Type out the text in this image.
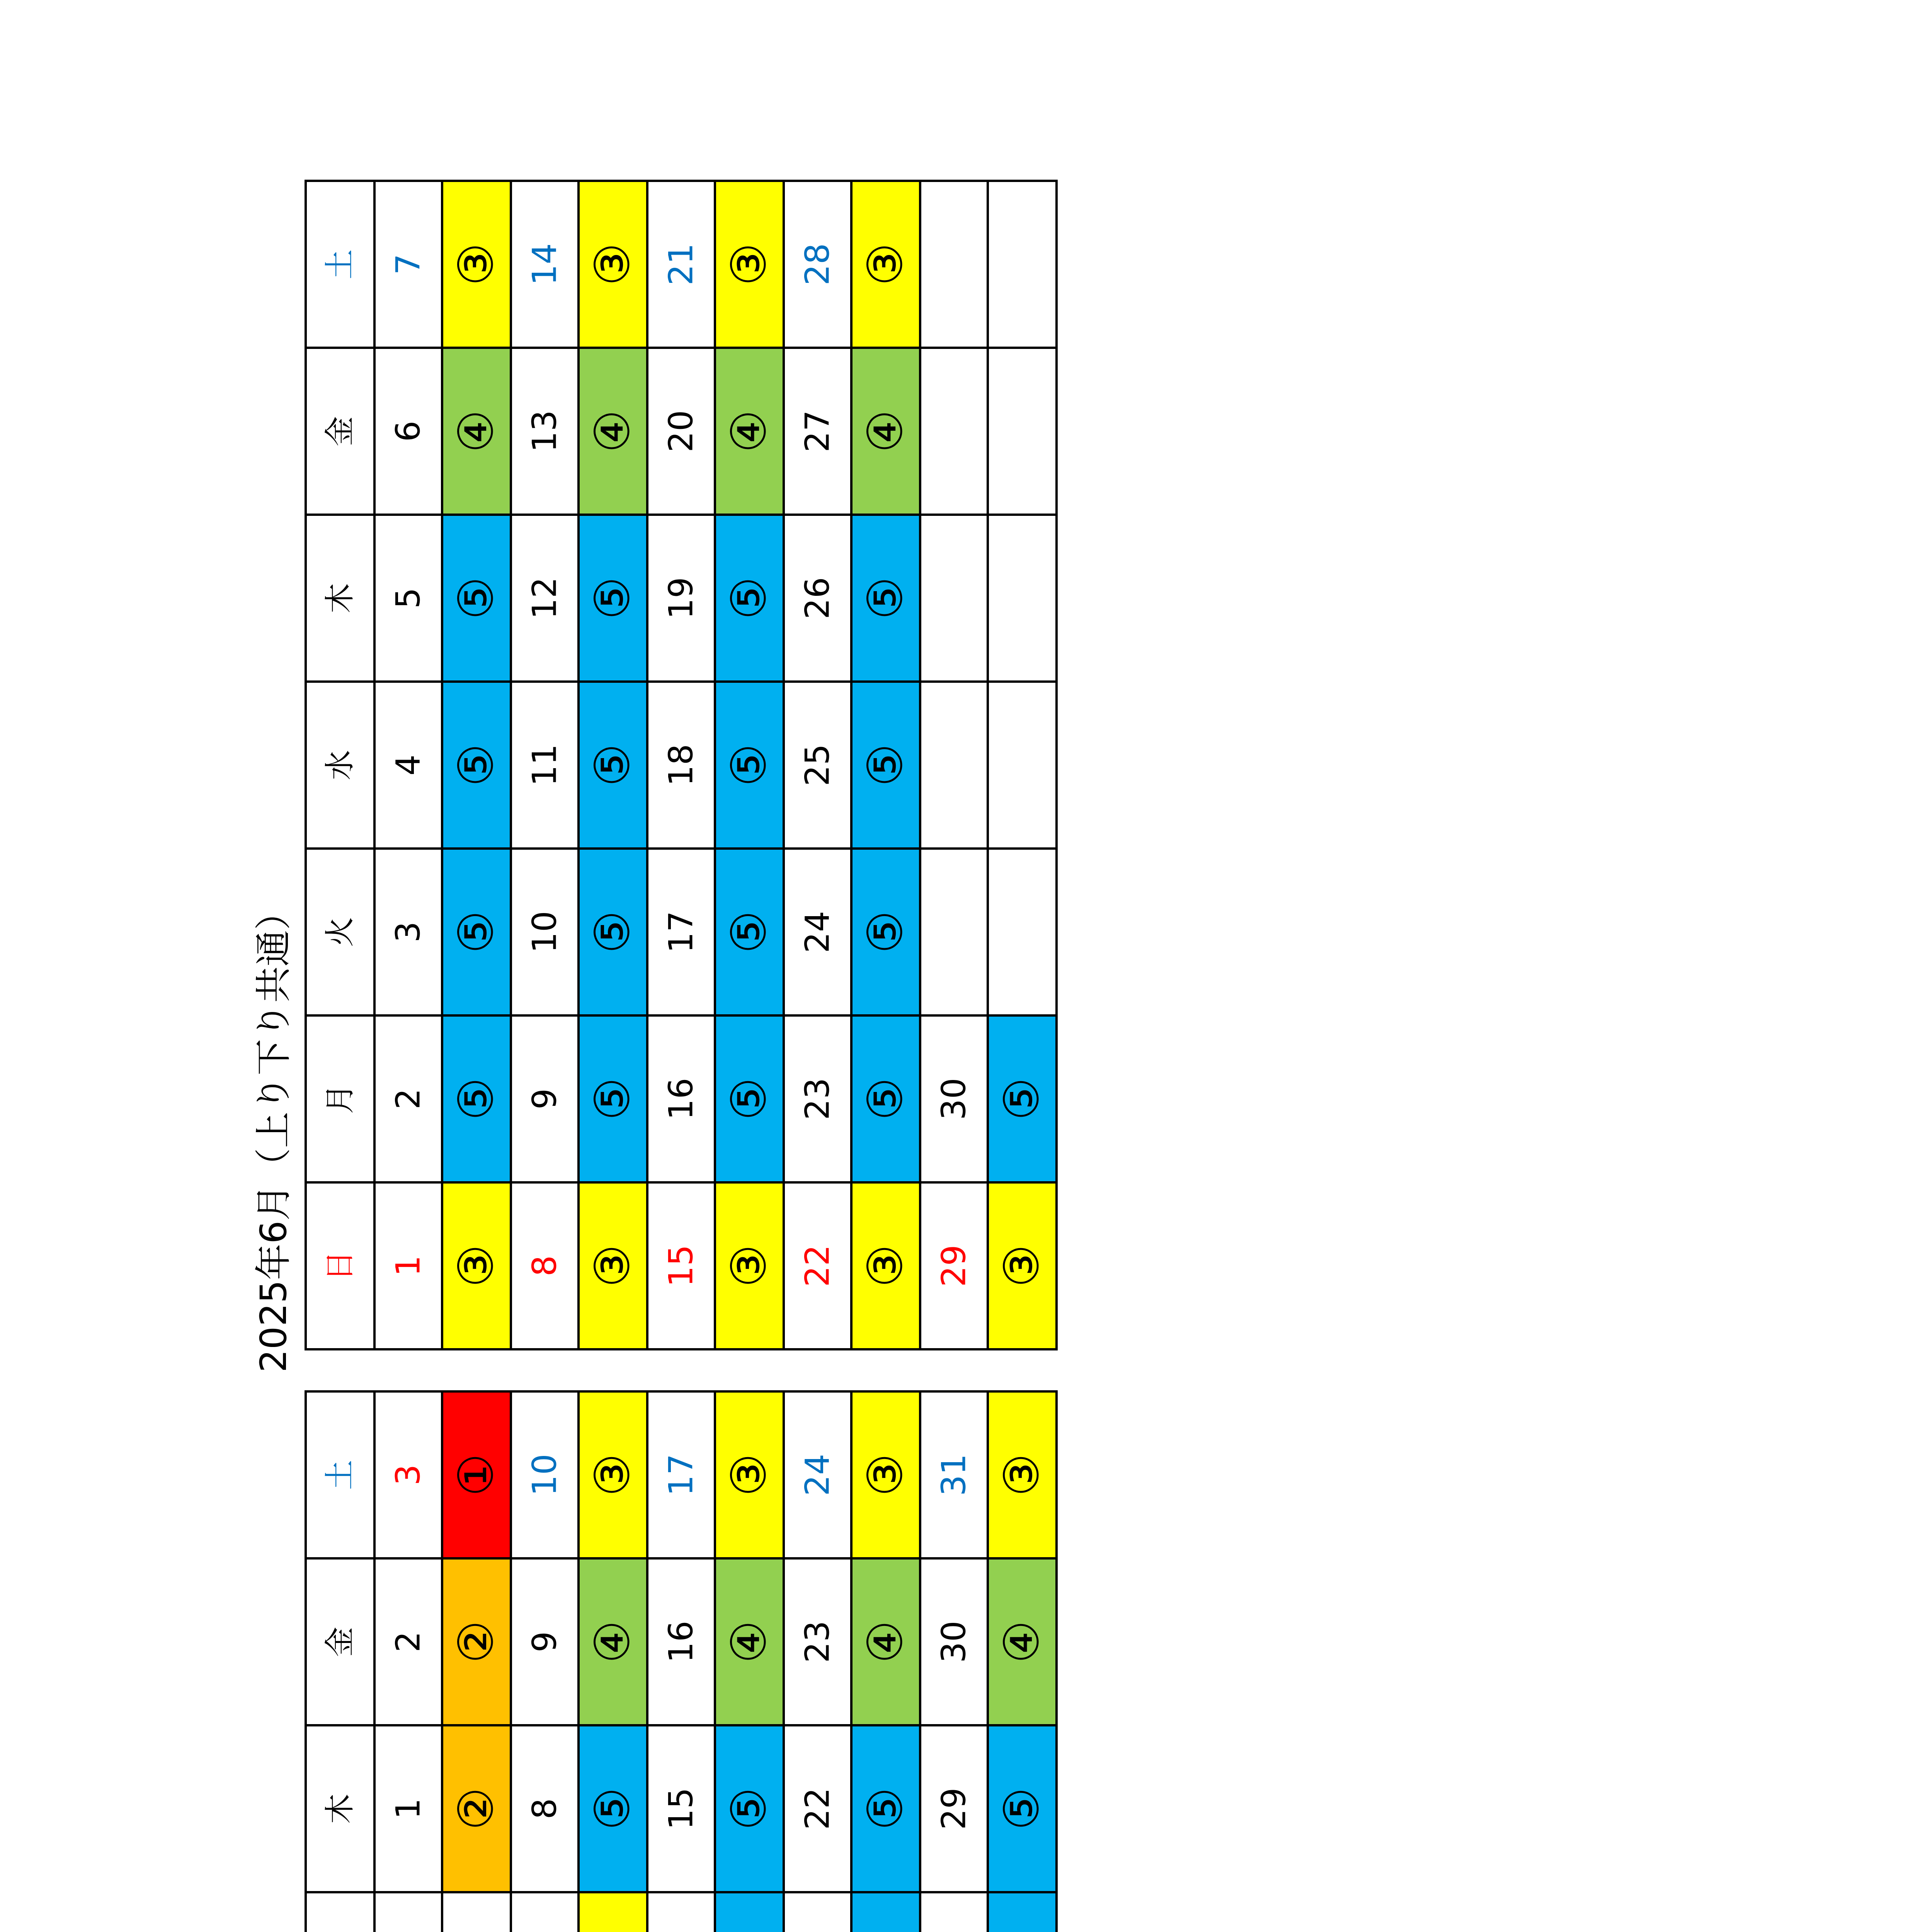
土	3	①	10	③	17	③	24	③	31	③
金	2	②	9	④	16	④	23	④	30	④
木	1	②	8	⑤	15	⑤	22	⑤	29	⑤

2025年6月（上り下り共通）
土	7	③	14	③	21	③	28	③		
金	6	④	13	④	20	④	27	④		
木	5	⑤	12	⑤	19	⑤	26	⑤		
水	4	⑤	11	⑤	18	⑤	25	⑤		
火	3	⑤	10	⑤	17	⑤	24	⑤		
月	2	⑤	9	⑤	16	⑤	23	⑤	30	⑤
日	1	③	8	③	15	③	22	③	29	③
